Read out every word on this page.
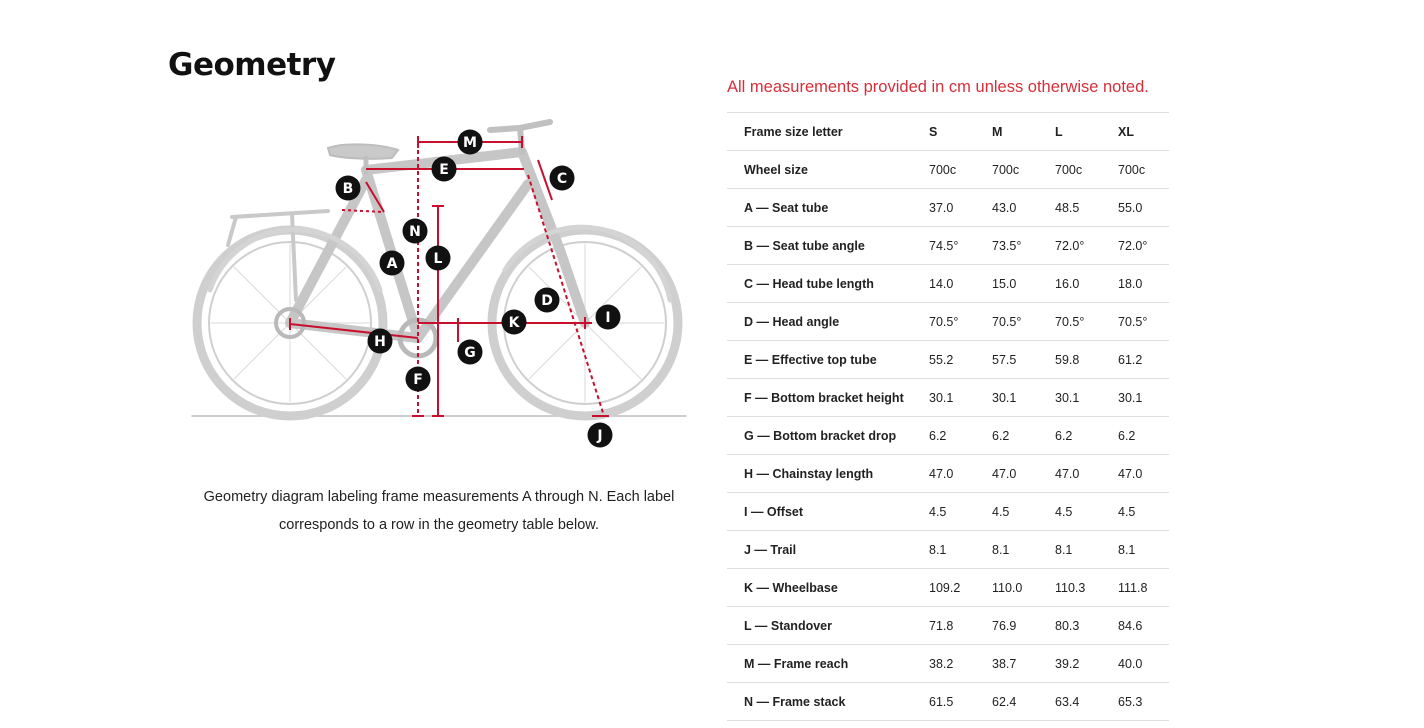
Geometry
M
E
C
B
N
L
A
D
I
K
H
G
F
J
Geometry diagram labeling frame measurements A through N. Each label corresponds to a row in the geometry table below.
All measurements provided in cm unless otherwise noted.
Frame size letter	S	M	L	XL
Wheel size	700c	700c	700c	700c
A — Seat tube	37.0	43.0	48.5	55.0
B — Seat tube angle	74.5°	73.5°	72.0°	72.0°
C — Head tube length	14.0	15.0	16.0	18.0
D — Head angle	70.5°	70.5°	70.5°	70.5°
E — Effective top tube	55.2	57.5	59.8	61.2
F — Bottom bracket height	30.1	30.1	30.1	30.1
G — Bottom bracket drop	6.2	6.2	6.2	6.2
H — Chainstay length	47.0	47.0	47.0	47.0
I — Offset	4.5	4.5	4.5	4.5
J — Trail	8.1	8.1	8.1	8.1
K — Wheelbase	109.2	110.0	110.3	111.8
L — Standover	71.8	76.9	80.3	84.6
M — Frame reach	38.2	38.7	39.2	40.0
N — Frame stack	61.5	62.4	63.4	65.3
